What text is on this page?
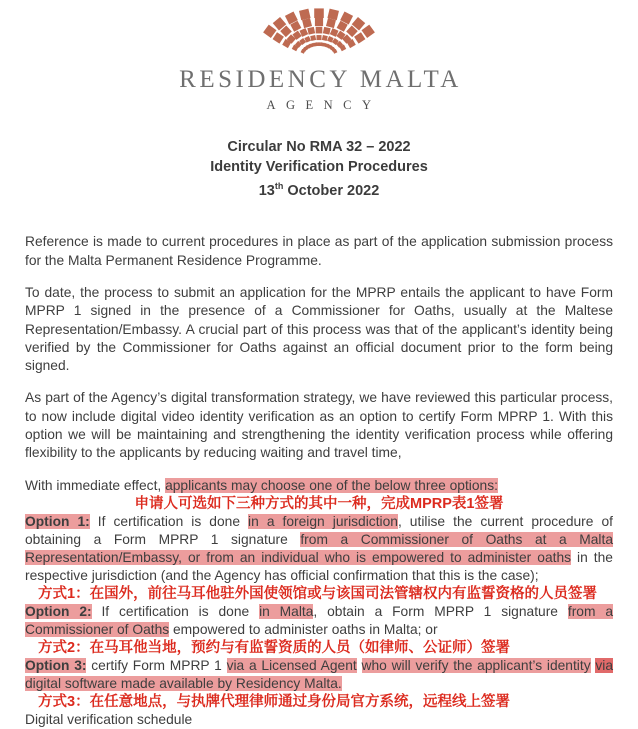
RESIDENCY MALTA
AGENCY
Circular No RMA 32 – 2022
Identity Verification Procedures
13th October 2022

Reference is made to current procedures in place as part of the application submission process for the Malta Permanent Residence Programme.

To date, the process to submit an application for the MPRP entails the applicant to have Form MPRP 1 signed in the presence of a Commissioner for Oaths, usually at the Maltese Representation/Embassy. A crucial part of this process was that of the applicant’s identity being verified by the Commissioner for Oaths against an official document prior to the form being signed.

As part of the Agency’s digital transformation strategy, we have reviewed this particular process, to now include digital video identity verification as an option to certify Form MPRP 1. With this option we will be maintaining and strengthening the identity verification process while offering flexibility to the applicants by reducing waiting and travel time,

With immediate effect, applicants may choose one of the below three options:

申请人可选如下三种方式的其中一种，完成MPRP表1签署

Option 1: If certification is done in a foreign jurisdiction, utilise the current procedure of obtaining a Form MPRP 1 signature from a Commissioner of Oaths at a Malta Representation/Embassy, or from an individual who is empowered to administer oaths in the respective jurisdiction (and the Agency has official confirmation that this is the case);

方式1：在国外，前往马耳他驻外国使领馆或与该国司法管辖权内有监誓资格的人员签署

Option 2: If certification is done in Malta, obtain a Form MPRP 1 signature from a Commissioner of Oaths empowered to administer oaths in Malta; or

方式2：在马耳他当地，预约与有监誓资质的人员（如律师、公证师）签署

Option 3: certify Form MPRP 1 via a Licensed Agent who will verify the applicant’s identity via digital software made available by Residency Malta.

方式3：在任意地点，与执牌代理律师通过身份局官方系统，远程线上签署

Digital verification schedule
